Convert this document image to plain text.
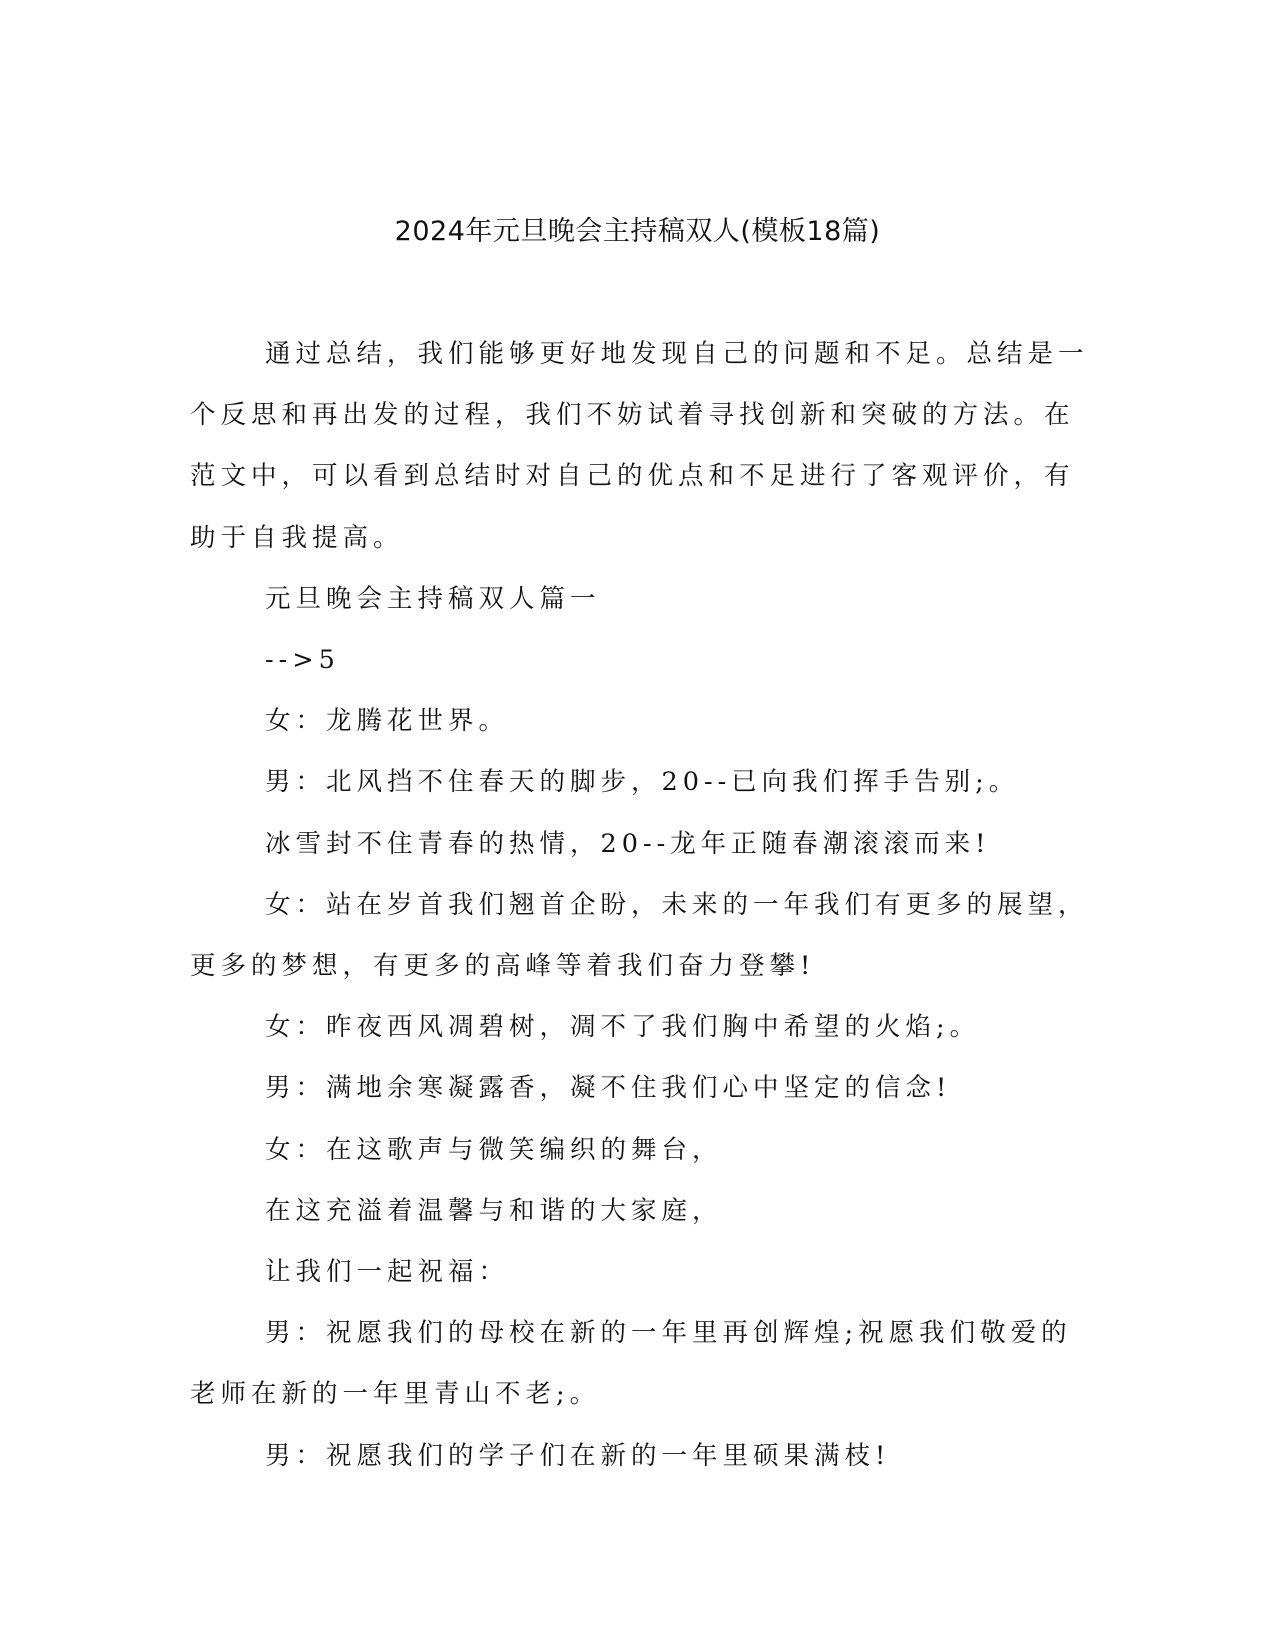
2024年元旦晚会主持稿双人(模板18篇)

通过总结，我们能够更好地发现自己的问题和不足。总结是一个反思和再出发的过程，我们不妨试着寻找创新和突破的方法。在范文中，可以看到总结时对自己的优点和不足进行了客观评价，有助于自我提高。

元旦晚会主持稿双人篇一

-->5

女：龙腾花世界。

男：北风挡不住春天的脚步，20--已向我们挥手告别;。

冰雪封不住青春的热情，20--龙年正随春潮滚滚而来!

女：站在岁首我们翘首企盼，未来的一年我们有更多的展望，更多的梦想，有更多的高峰等着我们奋力登攀!

女：昨夜西风凋碧树，凋不了我们胸中希望的火焰;。

男：满地余寒凝露香，凝不住我们心中坚定的信念!

女：在这歌声与微笑编织的舞台，

在这充溢着温馨与和谐的大家庭，

让我们一起祝福：

男：祝愿我们的母校在新的一年里再创辉煌;祝愿我们敬爱的老师在新的一年里青山不老;。

男：祝愿我们的学子们在新的一年里硕果满枝!
